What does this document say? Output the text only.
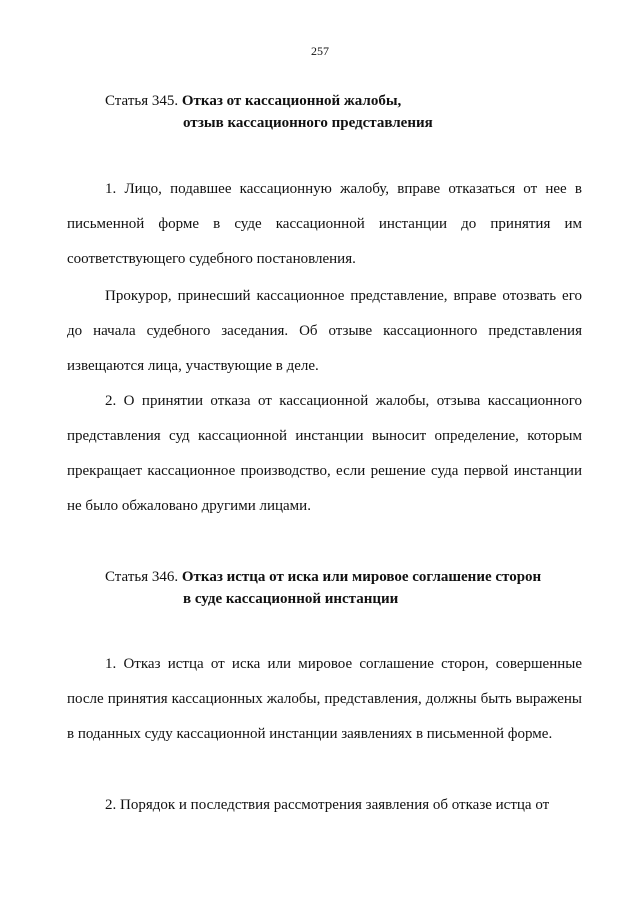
257
Статья 345. Отказ от кассационной жалобы,
отзыв кассационного представления
1. Лицо, подавшее кассационную жалобу, вправе отказаться от нее в письменной форме в суде кассационной инстанции до принятия им соответствующего судебного постановления.
Прокурор, принесший кассационное представление, вправе отозвать его до начала судебного заседания. Об отзыве кассационного представления извещаются лица, участвующие в деле.
2. О принятии отказа от кассационной жалобы, отзыва кассационного представления суд кассационной инстанции выносит определение, которым прекращает кассационное производство, если решение суда первой инстанции не было обжаловано другими лицами.
Статья 346. Отказ истца от иска или мировое соглашение сторон
в суде кассационной инстанции
1. Отказ истца от иска или мировое соглашение сторон, совершенные после принятия кассационных жалобы, представления, должны быть выражены в поданных суду кассационной инстанции заявлениях в письменной форме.
2. Порядок и последствия рассмотрения заявления об отказе истца от
